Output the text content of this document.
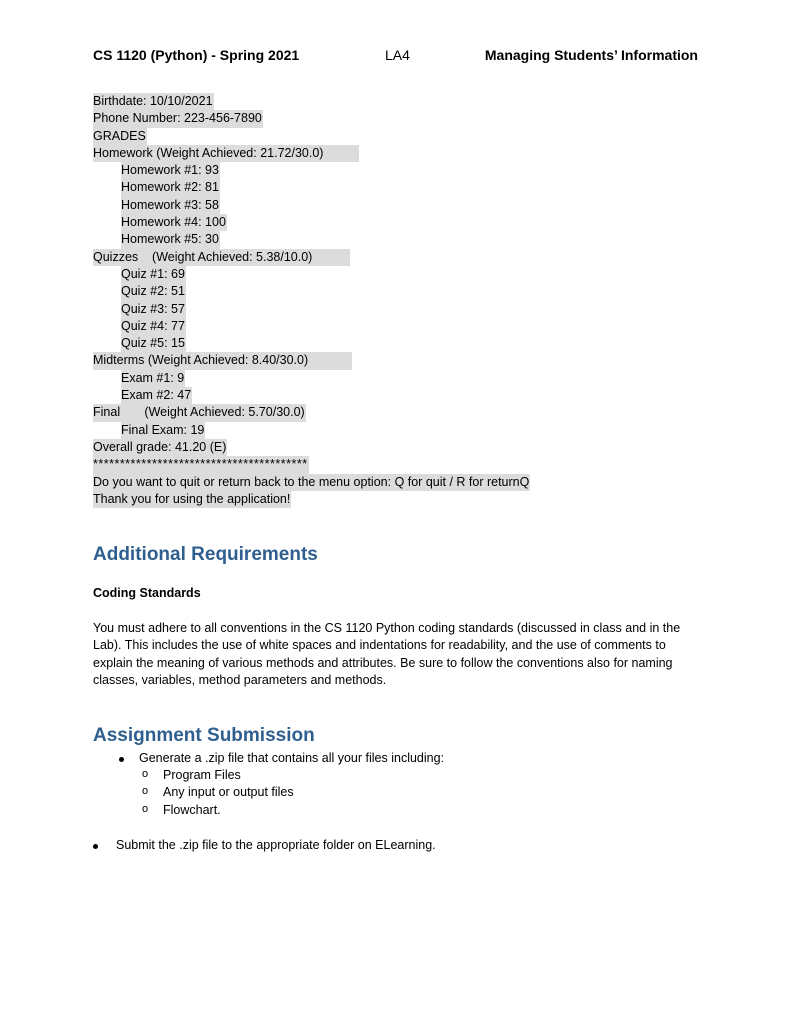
CS 1120 (Python) - Spring 2021	LA4	Managing Students’ Information
Birthdate: 10/10/2021
Phone Number: 223-456-7890
GRADES
Homework (Weight Achieved: 21.72/30.0)
Homework #1: 93
Homework #2: 81
Homework #3: 58
Homework #4: 100
Homework #5: 30
Quizzes    (Weight Achieved: 5.38/10.0)
Quiz #1: 69
Quiz #2: 51
Quiz #3: 57
Quiz #4: 77
Quiz #5: 15
Midterms (Weight Achieved: 8.40/30.0)
Exam #1: 9
Exam #2: 47
Final       (Weight Achieved: 5.70/30.0)
Final Exam: 19
Overall grade: 41.20 (E)
****************************************
Do you want to quit or return back to the menu option: Q for quit / R for returnQ
Thank you for using the application!
Additional Requirements
Coding Standards
You must adhere to all conventions in the CS 1120 Python coding standards (discussed in class and in the Lab). This includes the use of white spaces and indentations for readability, and the use of comments to explain the meaning of various methods and attributes. Be sure to follow the conventions also for naming classes, variables, method parameters and methods.
Assignment Submission
Generate a .zip file that contains all your files including:
o Program Files
o Any input or output files
o Flowchart.
Submit the .zip file to the appropriate folder on ELearning.
